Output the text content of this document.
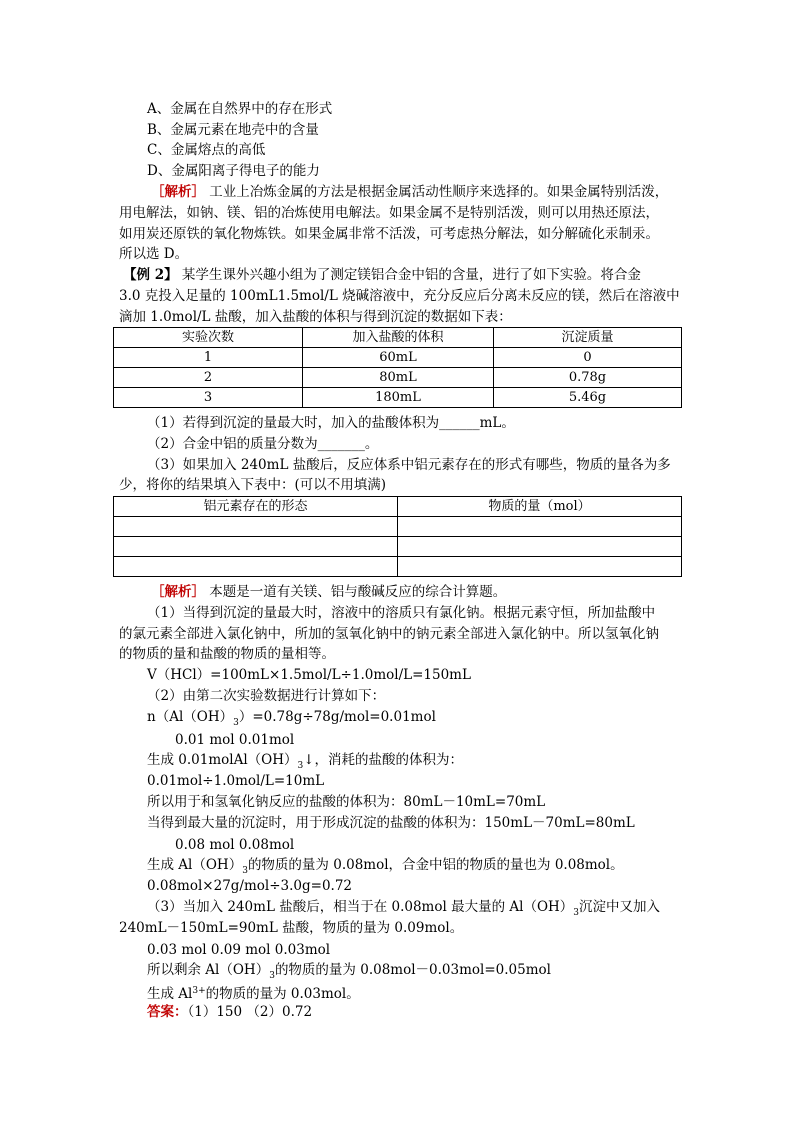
A、金属在自然界中的存在形式
B、金属元素在地壳中的含量
C、金属熔点的高低
D、金属阳离子得电子的能力
［解析］ 工业上冶炼金属的方法是根据金属活动性顺序来选择的。如果金属特别活泼，
用电解法，如钠、镁、铝的冶炼使用电解法。如果金属不是特别活泼，则可以用热还原法，
如用炭还原铁的氧化物炼铁。如果金属非常不活泼，可考虑热分解法，如分解硫化汞制汞。
所以选 D。
【例 2】 某学生课外兴趣小组为了测定镁铝合金中铝的含量，进行了如下实验。将合金
3.0 克投入足量的 100mL1.5mol/L 烧碱溶液中，充分反应后分离未反应的镁，然后在溶液中
滴加 1.0mol/L 盐酸，加入盐酸的体积与得到沉淀的数据如下表：
实验次数	加入盐酸的体积	沉淀质量
1	60mL	0
2	80mL	0.78g
3	180mL	5.46g
（1）若得到沉淀的量最大时，加入的盐酸体积为______mL。
（2）合金中铝的质量分数为_______。
（3）如果加入 240mL 盐酸后，反应体系中铝元素存在的形式有哪些，物质的量各为多
少，将你的结果填入下表中：(可以不用填满)
铝元素存在的形态	物质的量（mol）

［解析］ 本题是一道有关镁、铝与酸碱反应的综合计算题。
（1）当得到沉淀的量最大时，溶液中的溶质只有氯化钠。根据元素守恒，所加盐酸中
的氯元素全部进入氯化钠中，所加的氢氧化钠中的钠元素全部进入氯化钠中。所以氢氧化钠
的物质的量和盐酸的物质的量相等。
V（HCl）=100mL×1.5mol/L÷1.0mol/L=150mL
（2）由第二次实验数据进行计算如下：
$n(Al(OH)_3)=0.78g\div 78g/mol=0.01mol$
0.01 mol 0.01mol
生成 $0.01molAl(OH)_3↓$，消耗的盐酸的体积为：
0.01mol÷1.0mol/L=10mL
所以用于和氢氧化钠反应的盐酸的体积为：80mL－10mL=70mL
当得到最大量的沉淀时，用于形成沉淀的盐酸的体积为：150mL－70mL=80mL
0.08 mol 0.08mol
生成 $Al(OH)_3$的物质的量为 0.08mol，合金中铝的物质的量也为 0.08mol。
0.08mol×27g/mol÷3.0g=0.72
（3）当加入 240mL 盐酸后，相当于在 0.08mol 最大量的 $Al(OH)_3$沉淀中又加入
240mL－150mL=90mL 盐酸，物质的量为 0.09mol。
0.03 mol 0.09 mol 0.03mol
所以剩余 $Al(OH)_3$的物质的量为 0.08mol－0.03mol=0.05mol
生成 $Al^{3+}$的物质的量为 0.03mol。
答案：（1）150 （2）0.72
